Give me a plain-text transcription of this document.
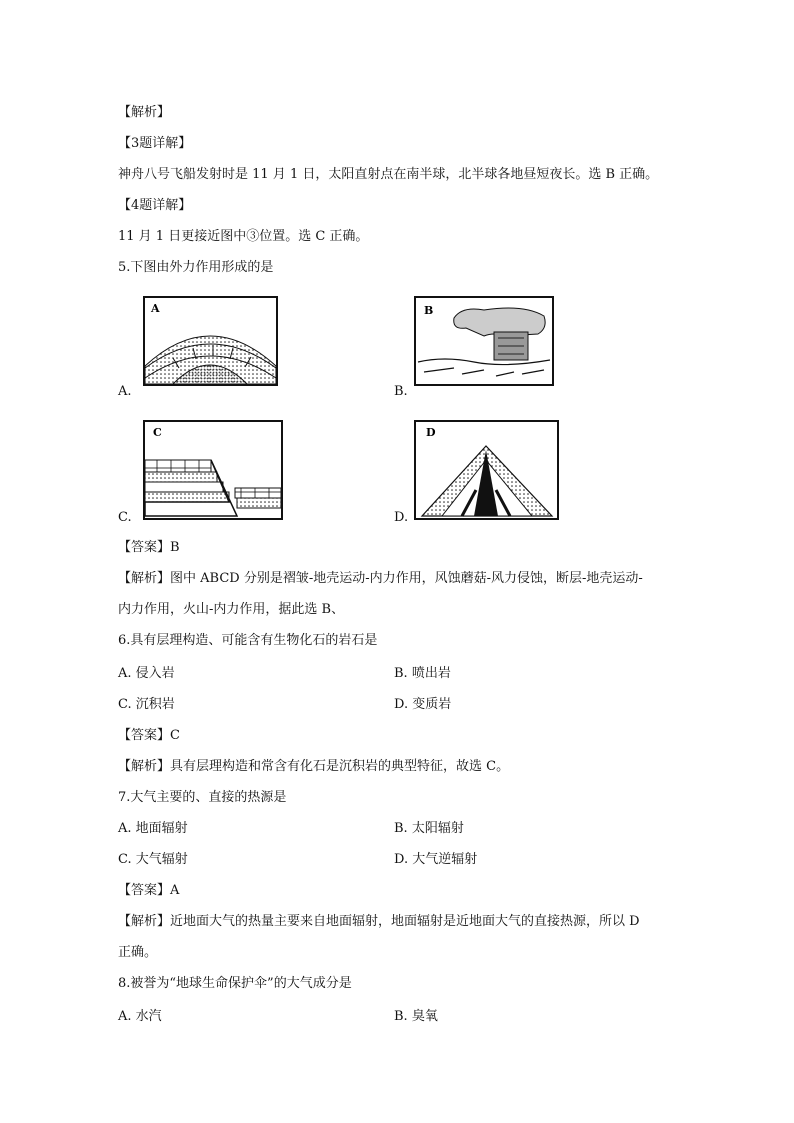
【解析】
【3题详解】
神舟八号飞船发射时是 11 月 1 日，太阳直射点在南半球，北半球各地昼短夜长。选 B 正确。
【4题详解】
11 月 1 日更接近图中③位置。选 C 正确。
5.下图由外力作用形成的是
A.
A
B.
B
C.
C
D.
D
【答案】B
【解析】图中 ABCD 分别是褶皱-地壳运动-内力作用，风蚀蘑菇-风力侵蚀，断层-地壳运动-
内力作用，火山-内力作用，据此选 B、
6.具有层理构造、可能含有生物化石的岩石是
A. 侵入岩	B. 喷出岩
C. 沉积岩	D. 变质岩
【答案】C
【解析】具有层理构造和常含有化石是沉积岩的典型特征，故选 C。
7.大气主要的、直接的热源是
A. 地面辐射	B. 太阳辐射
C. 大气辐射	D. 大气逆辐射
【答案】A
【解析】近地面大气的热量主要来自地面辐射，地面辐射是近地面大气的直接热源，所以 D
正确。
8.被誉为“地球生命保护伞”的大气成分是
A. 水汽	B. 臭氧
